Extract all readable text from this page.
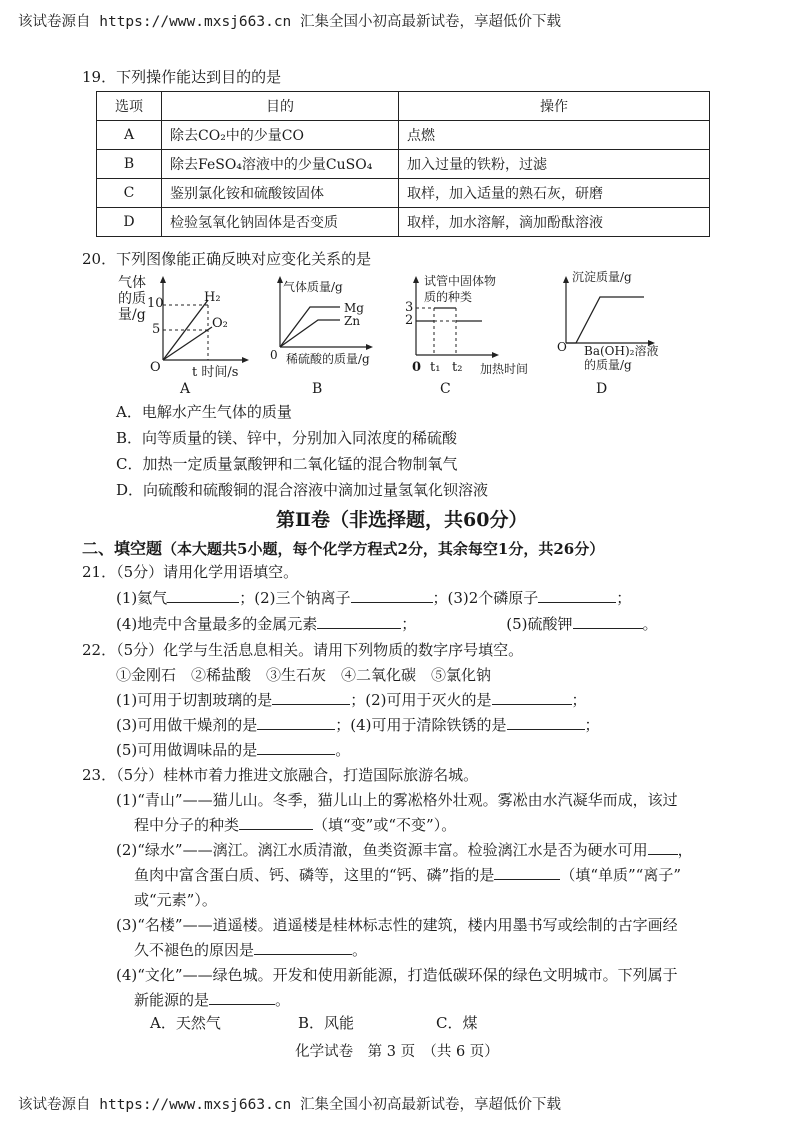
该试卷源自 https://www.mxsj663.cn 汇集全国小初高最新试卷，享超低价下载
19．下列操作能达到目的的是
选项	目的	操作
A	除去CO₂中的少量CO	点燃
B	除去FeSO₄溶液中的少量CuSO₄	加入过量的铁粉，过滤
C	鉴别氯化铵和硫酸铵固体	取样，加入适量的熟石灰，研磨
D	检验氢氧化钠固体是否变质	取样，加水溶解，滴加酚酞溶液
20．下列图像能正确反映对应变化关系的是
气体
的质
量/g
10
5
H₂
O₂
O t 时间/s
A
气体质量/g
Mg
Zn
0 稀硫酸的质量/g
B
试管中固体物
质的种类
3
2
0 t₁ t₂ 加热时间
C
沉淀质量/g
O Ba(OH)₂溶液
的质量/g
D
A．电解水产生气体的质量
B．向等质量的镁、锌中，分别加入同浓度的稀硫酸
C．加热一定质量氯酸钾和二氧化锰的混合物制氧气
D．向硫酸和硫酸铜的混合溶液中滴加过量氢氧化钡溶液
第Ⅱ卷（非选择题，共60分）
二、填空题（本大题共5小题，每个化学方程式2分，其余每空1分，共26分）
21．（5分）请用化学用语填空。
(1)氦气	；(2)三个钠离子	；(3)2个磷原子	；
(4)地壳中含量最多的金属元素	；	(5)硫酸钾	。
22．（5分）化学与生活息息相关。请用下列物质的数字序号填空。
①金刚石　②稀盐酸　③生石灰　④二氧化碳　⑤氯化钠
(1)可用于切割玻璃的是	；(2)可用于灭火的是	；
(3)可用做干燥剂的是	；(4)可用于清除铁锈的是	；
(5)可用做调味品的是	。
23．（5分）桂林市着力推进文旅融合，打造国际旅游名城。
(1)“青山”——猫儿山。冬季，猫儿山上的雾凇格外壮观。雾凇由水汽凝华而成，该过
程中分子的种类	（填“变”或“不变”）。
(2)“绿水”——漓江。漓江水质清澈，鱼类资源丰富。检验漓江水是否为硬水可用 ，
鱼肉中富含蛋白质、钙、磷等，这里的“钙、磷”指的是	（填“单质”“离子”
或“元素”）。
(3)“名楼”——逍遥楼。逍遥楼是桂林标志性的建筑，楼内用墨书写或绘制的古字画经
久不褪色的原因是	。
(4)“文化”——绿色城。开发和使用新能源，打造低碳环保的绿色文明城市。下列属于
新能源的是	。
A．天然气	B．风能	C．煤
化学试卷　第 3 页　（共 6 页）
该试卷源自 https://www.mxsj663.cn 汇集全国小初高最新试卷，享超低价下载
